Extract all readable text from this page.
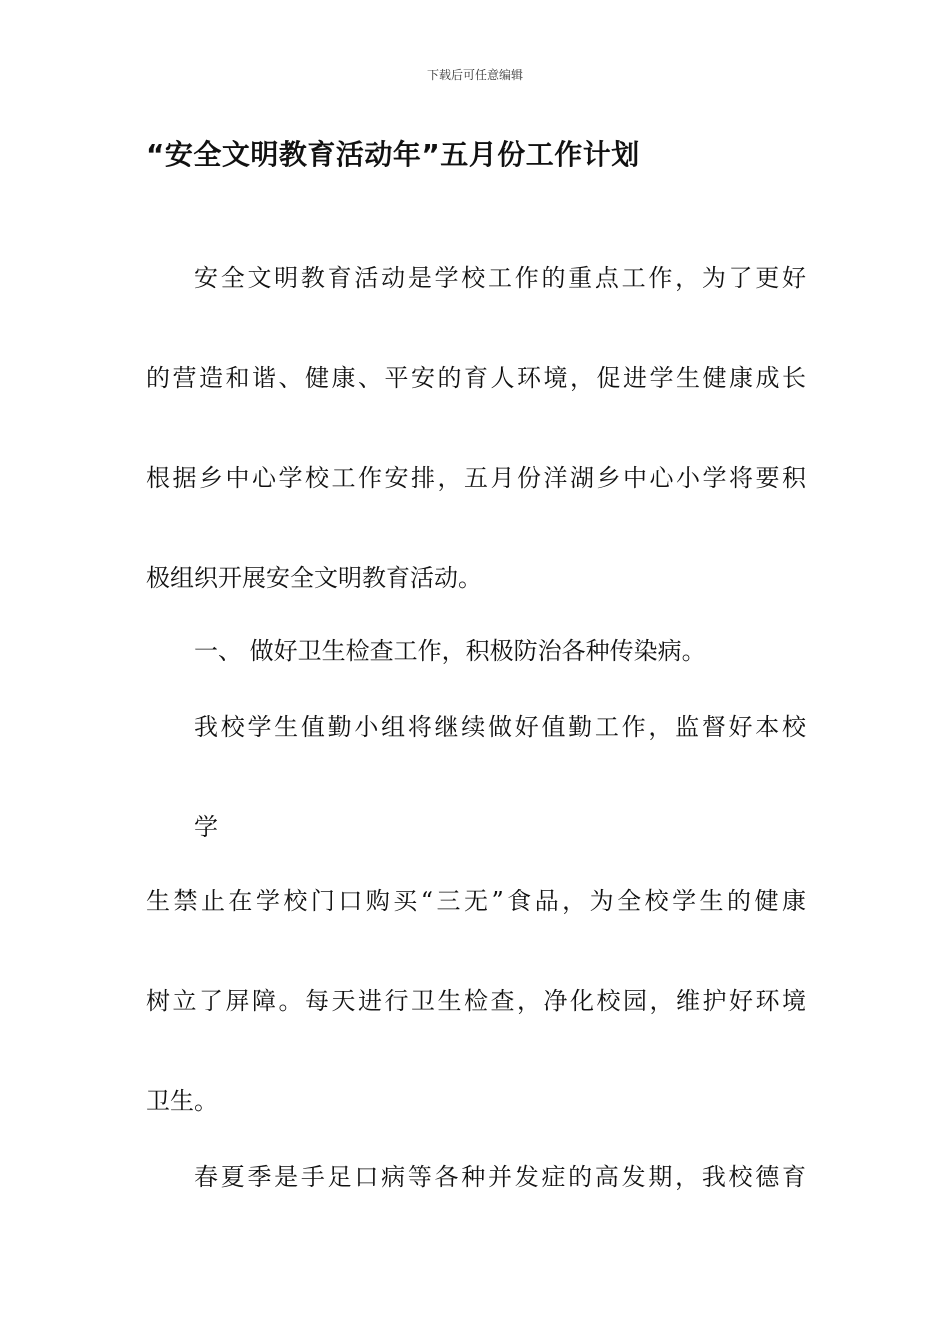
下载后可任意编辑
“安全文明教育活动年”五月份工作计划
安全文明教育活动是学校工作的重点工作，为了更好
的营造和谐、健康、平安的育人环境，促进学生健康成长
根据乡中心学校工作安排，五月份洋湖乡中心小学将要积
极组织开展安全文明教育活动。
一、 做好卫生检查工作，积极防治各种传染病。
我校学生值勤小组将继续做好值勤工作，监督好本校
学
生禁止在学校门口购买“三无”食品，为全校学生的健康
树立了屏障。每天进行卫生检查，净化校园，维护好环境
卫生。
春夏季是手足口病等各种并发症的高发期，我校德育
